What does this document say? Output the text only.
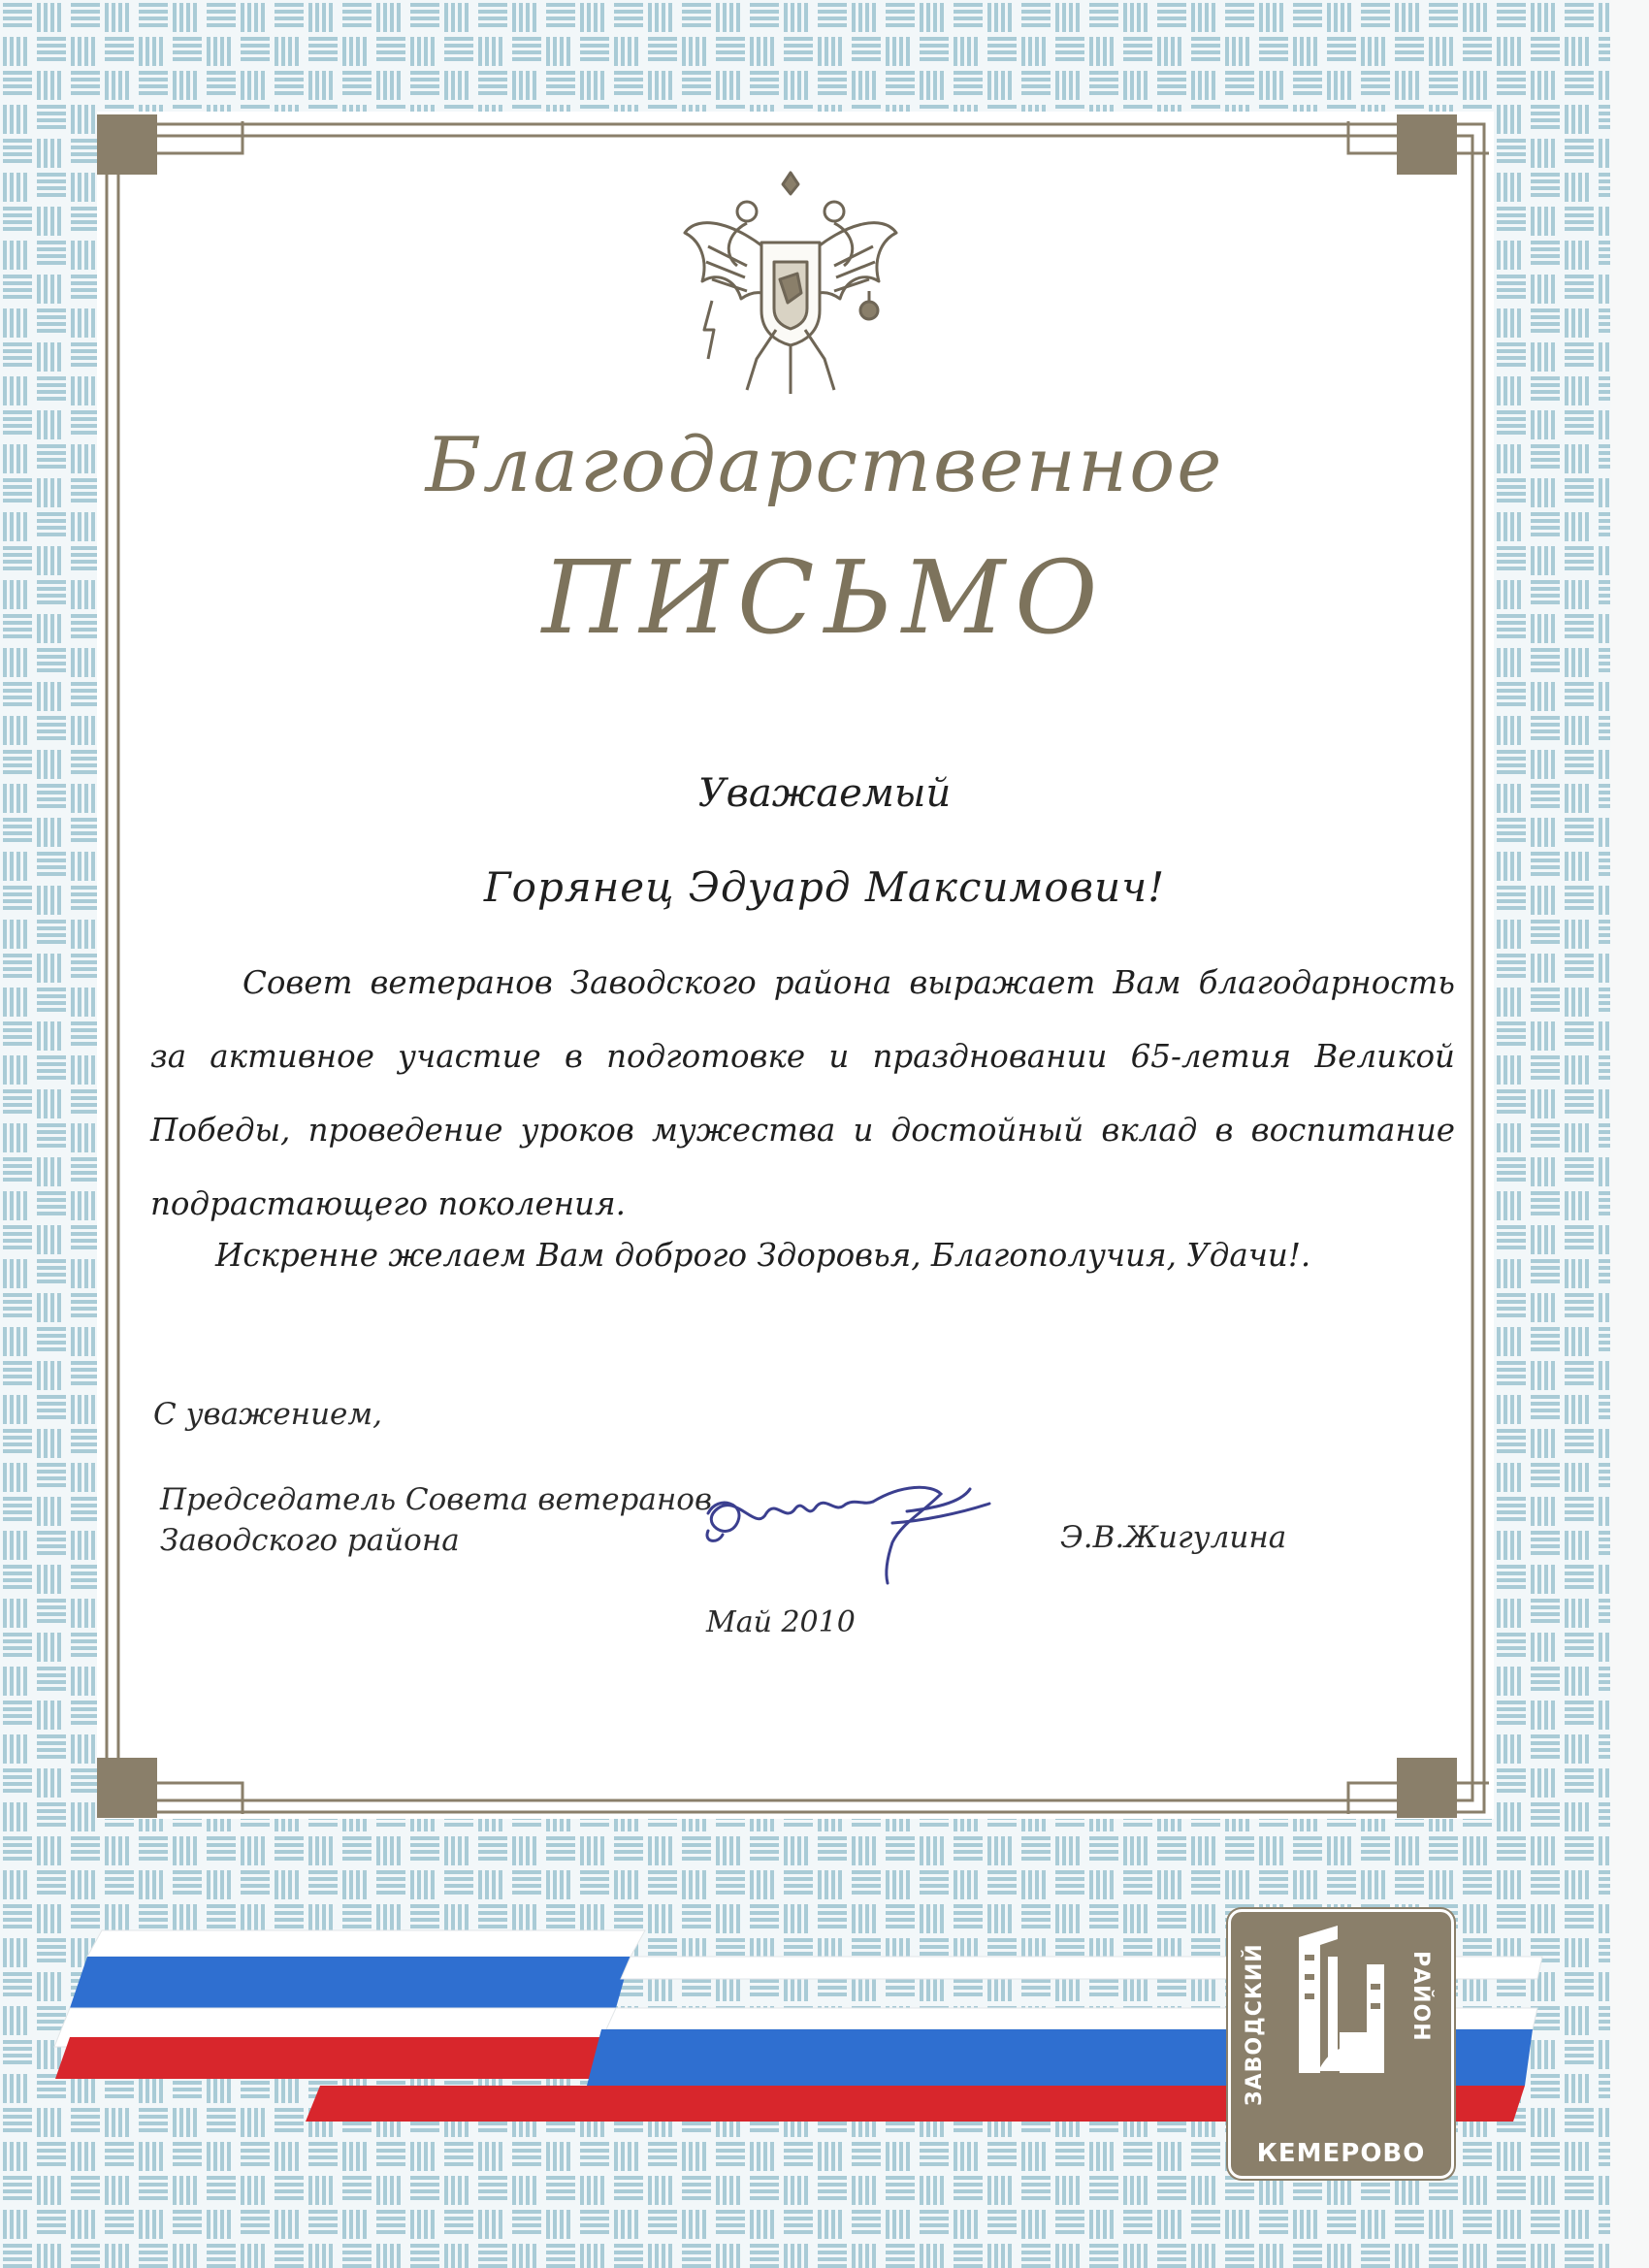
Благодарственное
ПИСЬМО
Уважаемый
Горянец Эдуард Максимович!
Совет ветеранов Заводского района выражает Вам благодарность за активное участие в подготовке и праздновании 65-летия Великой Победы, проведение уроков мужества и достойный вклад в воспитание подрастающего поколения.
Искренне желаем Вам доброго Здоровья, Благополучия, Удачи!.
С уважением,
Председатель Совета ветеранов
Заводского района	Э.В.Жигулина
Май 2010
ЗАВОДСКИЙ	РАЙОН
КЕМЕРОВО
